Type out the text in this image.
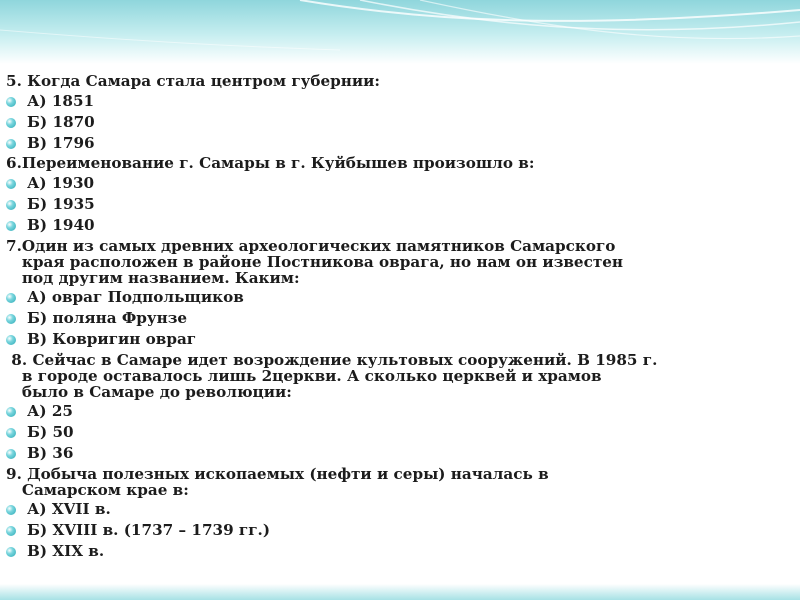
5. Когда Самара стала центром губернии:
А) 1851
Б) 1870
В) 1796
6.Переименование г. Самары в г. Куйбышев произошло в:
А) 1930
Б) 1935
В) 1940
7.Один из самых древних археологических памятников Самарского
края расположен в районе Постникова оврага, но нам он известен
под другим названием. Каким:
А) овраг Подпольщиков
Б) поляна Фрунзе
В) Ковригин овраг
8. Сейчас в Самаре идет возрождение культовых сооружений. В 1985 г.
в городе оставалось лишь 2церкви. А сколько церквей и храмов
было в Самаре до революции:
А) 25
Б) 50
В) 36
9. Добыча полезных ископаемых (нефти и серы) началась в
Самарском крае в:
А) XVII в.
Б) XVIII в. (1737 – 1739 гг.)
В) XIX в.
